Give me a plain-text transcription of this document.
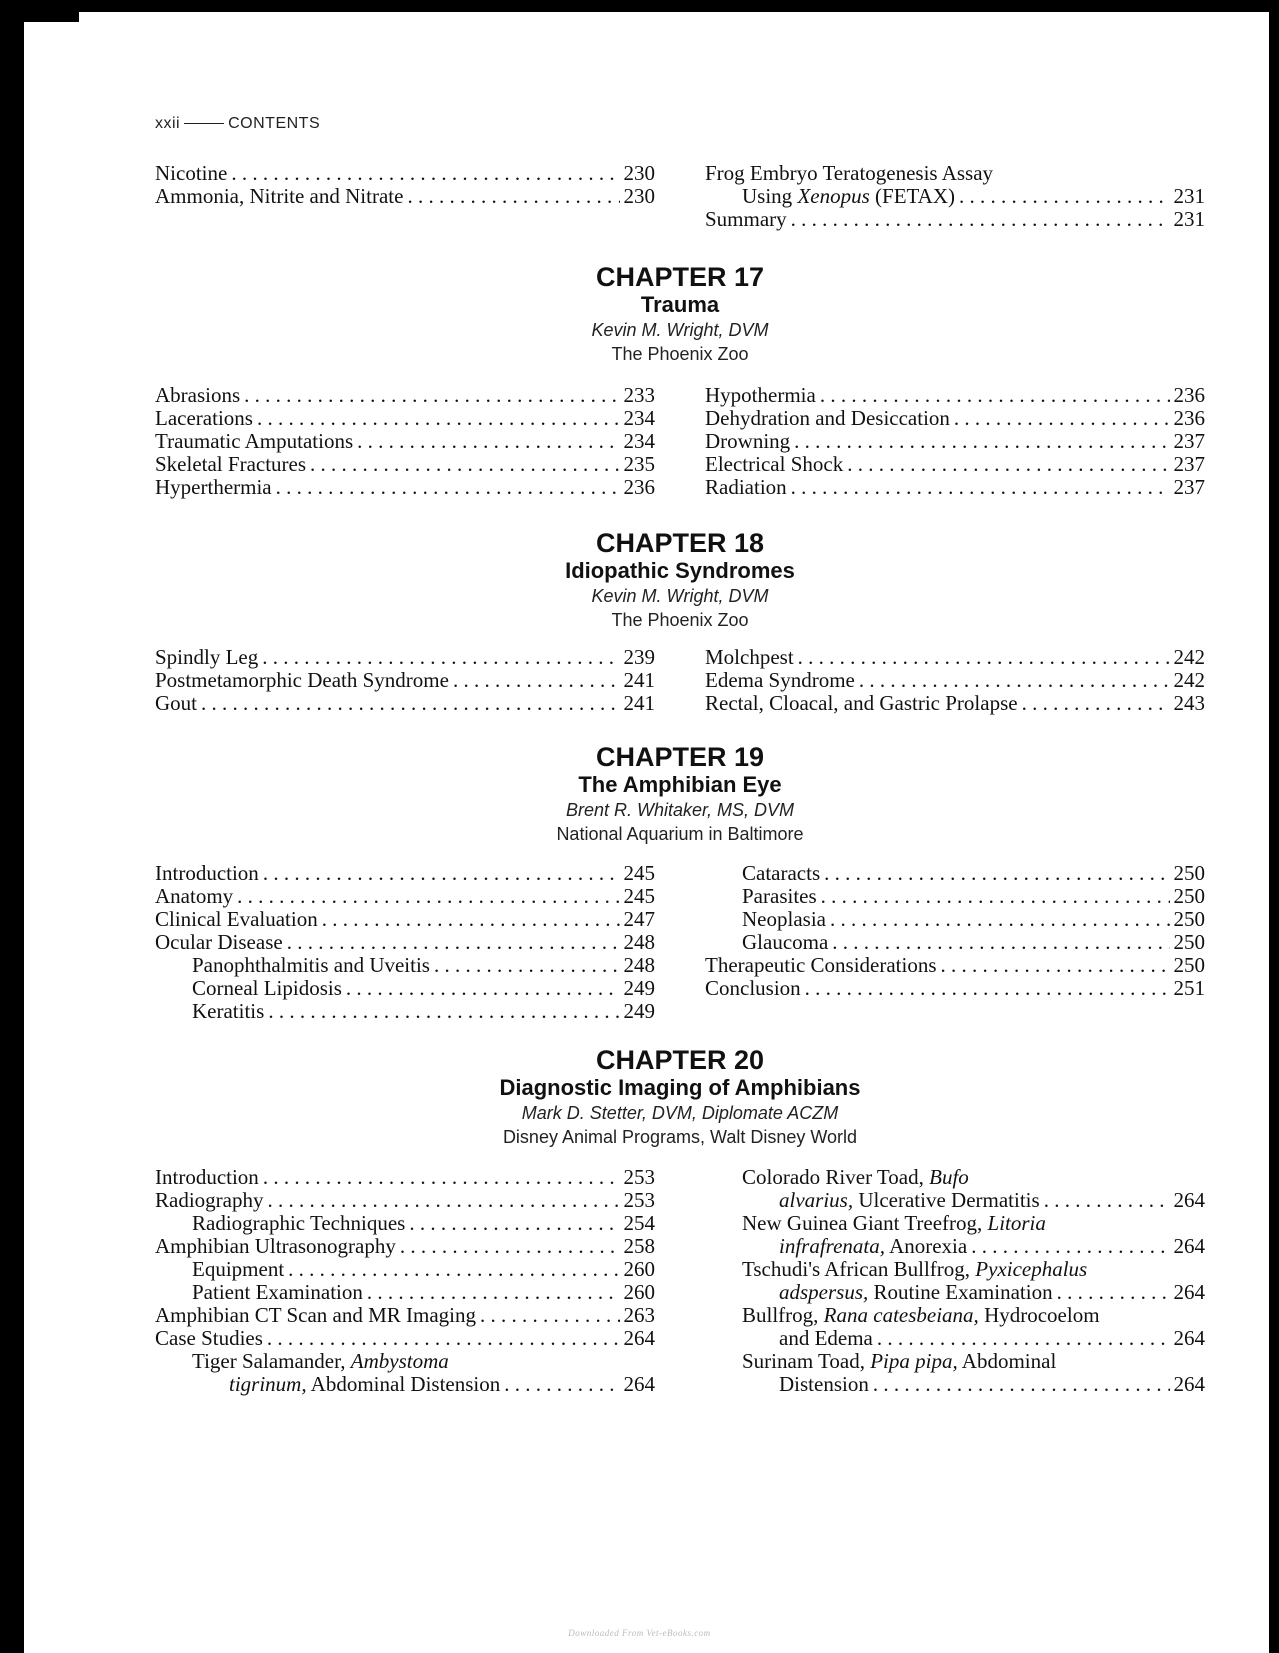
xxii	CONTENTS
Nicotine . . .	230
Ammonia, Nitrite and Nitrate . . .	230
Frog Embryo Teratogenesis Assay
Using Xenopus (FETAX) . . .	231
Summary . . .	231
CHAPTER 17
Trauma
Kevin M. Wright, DVM
The Phoenix Zoo
Abrasions . . .	233
Lacerations . . .	234
Traumatic Amputations . . .	234
Skeletal Fractures . . .	235
Hyperthermia . . .	236
Hypothermia . . .	236
Dehydration and Desiccation . . .	236
Drowning . . .	237
Electrical Shock . . .	237
Radiation . . .	237
CHAPTER 18
Idiopathic Syndromes
Kevin M. Wright, DVM
The Phoenix Zoo
Spindly Leg . . .	239
Postmetamorphic Death Syndrome . . .	241
Gout . . .	241
Molchpest . . .	242
Edema Syndrome . . .	242
Rectal, Cloacal, and Gastric Prolapse . . .	243
CHAPTER 19
The Amphibian Eye
Brent R. Whitaker, MS, DVM
National Aquarium in Baltimore
Introduction . . .	245
Anatomy . . .	245
Clinical Evaluation . . .	247
Ocular Disease . . .	248
Panophthalmitis and Uveitis . . .	248
Corneal Lipidosis . . .	249
Keratitis . . .	249
Cataracts . . .	250
Parasites . . .	250
Neoplasia . . .	250
Glaucoma . . .	250
Therapeutic Considerations . . .	250
Conclusion . . .	251
CHAPTER 20
Diagnostic Imaging of Amphibians
Mark D. Stetter, DVM, Diplomate ACZM
Disney Animal Programs, Walt Disney World
Introduction . . .	253
Radiography . . .	253
Radiographic Techniques . . .	254
Amphibian Ultrasonography . . .	258
Equipment . . .	260
Patient Examination . . .	260
Amphibian CT Scan and MR Imaging . . .	263
Case Studies . . .	264
Tiger Salamander, Ambystoma
tigrinum, Abdominal Distension . . .	264
Colorado River Toad, Bufo
alvarius, Ulcerative Dermatitis . . .	264
New Guinea Giant Treefrog, Litoria
infrafrenata, Anorexia . . .	264
Tschudi's African Bullfrog, Pyxicephalus
adspersus, Routine Examination . . .	264
Bullfrog, Rana catesbeiana, Hydrocoelom
and Edema . . .	264
Surinam Toad, Pipa pipa, Abdominal
Distension . . .	264
Downloaded From Vet-eBooks.com
